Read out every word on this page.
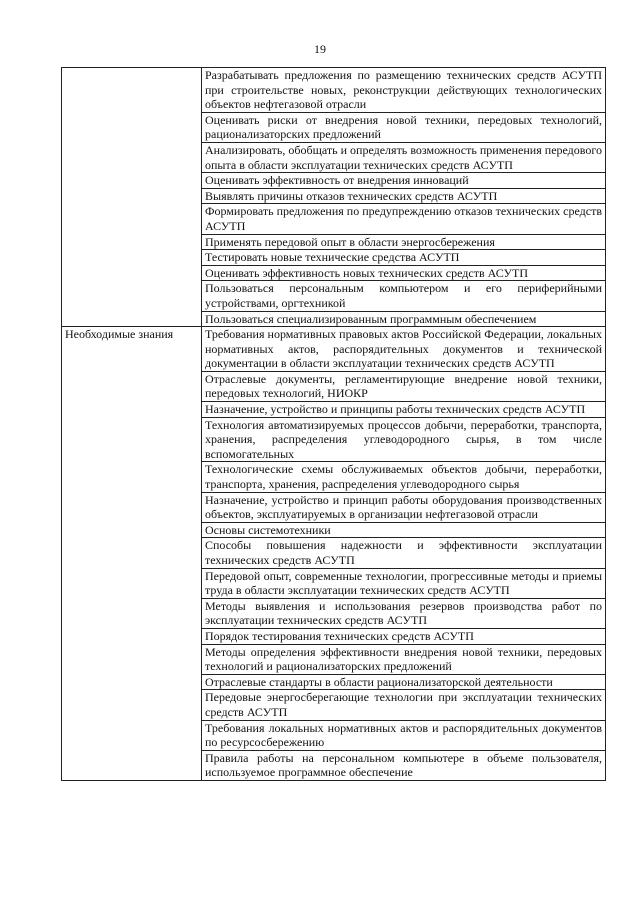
19
	Разрабатывать предложения по размещению технических средств АСУТП при строительстве новых, реконструкции действующих технологических объектов нефтегазовой отрасли
	Оценивать риски от внедрения новой техники, передовых технологий, рационализаторских предложений
	Анализировать, обобщать и определять возможность применения передового опыта в области эксплуатации технических средств АСУТП
	Оценивать эффективность от внедрения инноваций
	Выявлять причины отказов технических средств АСУТП
	Формировать предложения по предупреждению отказов технических средств АСУТП
	Применять передовой опыт в области энергосбережения
	Тестировать новые технические средства АСУТП
	Оценивать эффективность новых технических средств АСУТП
	Пользоваться персональным компьютером и его периферийными устройствами, оргтехникой
	Пользоваться специализированным программным обеспечением
Необходимые знания	Требования нормативных правовых актов Российской Федерации, локальных нормативных актов, распорядительных документов и технической документации в области эксплуатации технических средств АСУТП
	Отраслевые документы, регламентирующие внедрение новой техники, передовых технологий, НИОКР
	Назначение, устройство и принципы работы технических средств АСУТП
	Технология автоматизируемых процессов добычи, переработки, транспорта, хранения, распределения углеводородного сырья, в том числе вспомогательных
	Технологические схемы обслуживаемых объектов добычи, переработки, транспорта, хранения, распределения углеводородного сырья
	Назначение, устройство и принцип работы оборудования производственных объектов, эксплуатируемых в организации нефтегазовой отрасли
	Основы системотехники
	Способы повышения надежности и эффективности эксплуатации технических средств АСУТП
	Передовой опыт, современные технологии, прогрессивные методы и приемы труда в области эксплуатации технических средств АСУТП
	Методы выявления и использования резервов производства работ по эксплуатации технических средств АСУТП
	Порядок тестирования технических средств АСУТП
	Методы определения эффективности внедрения новой техники, передовых технологий и рационализаторских предложений
	Отраслевые стандарты в области рационализаторской деятельности
	Передовые энергосберегающие технологии при эксплуатации технических средств АСУТП
	Требования локальных нормативных актов и распорядительных документов по ресурсосбережению
	Правила работы на персональном компьютере в объеме пользователя, используемое программное обеспечение
